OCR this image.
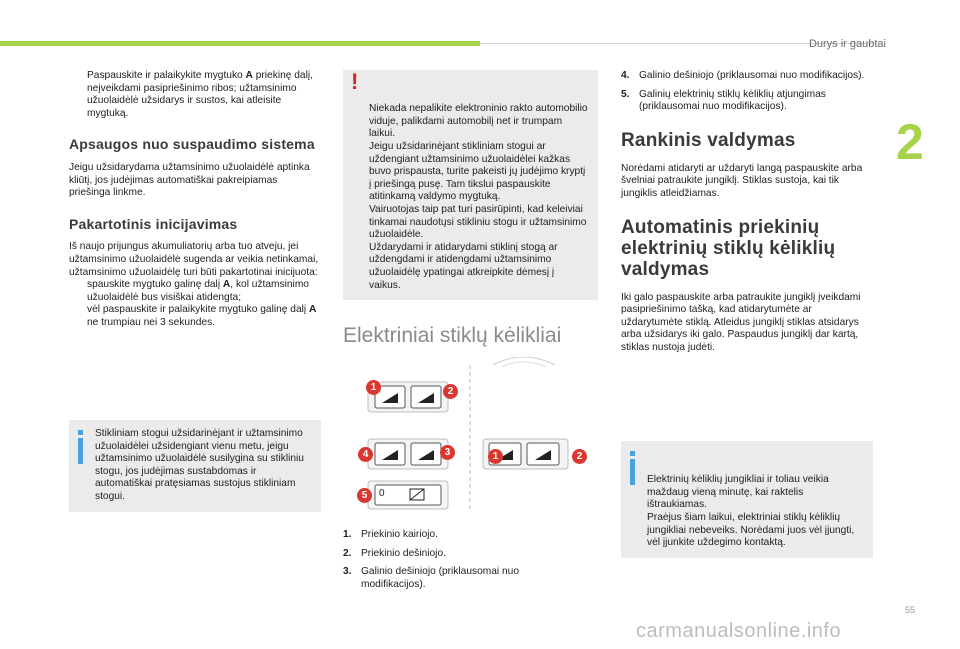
Durys ir gaubtai
2
55
carmanualsonline.info
Paspauskite ir palaikykite mygtuko A priekinę dalį, neįveikdami pasipriešinimo ribos; užtamsinimo užuolaidėlė užsidarys ir sustos, kai atleisite mygtuką.
Apsaugos nuo suspaudimo sistema

Jeigu užsidarydama užtamsinimo užuolaidėlė aptinka kliūtį, jos judėjimas automatiškai pakreipiamas priešinga linkme.

Pakartotinis inicijavimas

Iš naujo prijungus akumuliatorių arba tuo atveju, jei užtamsinimo užuolaidėlė sugenda ar veikia netinkamai, užtamsinimo užuolaidėlę turi būti pakartotinai inicijuota:

spauskite mygtuko galinę dalį A, kol užtamsinimo užuolaidėlė bus visiškai atidengta;
vėl paspauskite ir palaikykite mygtuko galinę dalį A ne trumpiau nei 3 sekundes.
Stikliniam stogui užsidarinėjant ir užtamsinimo užuolaidėlei užsidengiant vienu metu, jeigu užtamsinimo užuolaidėlė susilygina su stikliniu stogu, jos judėjimas sustabdomas ir automatiškai pratęsiamas sustojus stikliniam stogui.

!

Niekada nepalikite elektroninio rakto automobilio viduje, palikdami automobilį net ir trumpam laikui.
Jeigu užsidarinėjant stikliniam stogui ar uždengiant užtamsinimo užuolaidėlei kažkas buvo prispausta, turite pakeisti jų judėjimo kryptį į priešingą pusę. Tam tikslui paspauskite atitinkamą valdymo mygtuką.
Vairuotojas taip pat turi pasirūpinti, kad keleiviai tinkamai naudotųsi stikliniu stogu ir užtamsinimo užuolaidėle.
Uždarydami ir atidarydami stiklinį stogą ar uždengdami ir atidengdami užtamsinimo užuolaidėlę ypatingai atkreipkite dėmesį į vaikus.

Elektriniai stiklų kėlikliai
1	2
4	3
5
1	2
0
1. Priekinio kairiojo.
2. Priekinio dešiniojo.
3. Galinio dešiniojo (priklausomai nuo modifikacijos).
4. Galinio dešiniojo (priklausomai nuo modifikacijos).
5. Galinių elektrinių stiklų kėliklių atjungimas (priklausomai nuo modifikacijos).
Rankinis valdymas

Norėdami atidaryti ar uždaryti langą paspauskite arba švelniai patraukite jungiklį. Stiklas sustoja, kai tik jungiklis atleidžiamas.

Automatinis priekinių elektrinių stiklų kėliklių valdymas

Iki galo paspauskite arba patraukite jungiklį įveikdami pasipriešinimo tašką, kad atidarytumėte ar uždarytumėte stiklą. Atleidus jungiklį stiklas atsidarys arba užsidarys iki galo. Paspaudus jungiklį dar kartą, stiklas nustoja judėti.

Elektrinių kėliklių jungikliai ir toliau veikia maždaug vieną minutę, kai raktelis ištraukiamas.
Praėjus šiam laikui, elektriniai stiklų kėliklių jungikliai nebeveiks. Norėdami juos vėl įjungti, vėl įjunkite uždegimo kontaktą.
